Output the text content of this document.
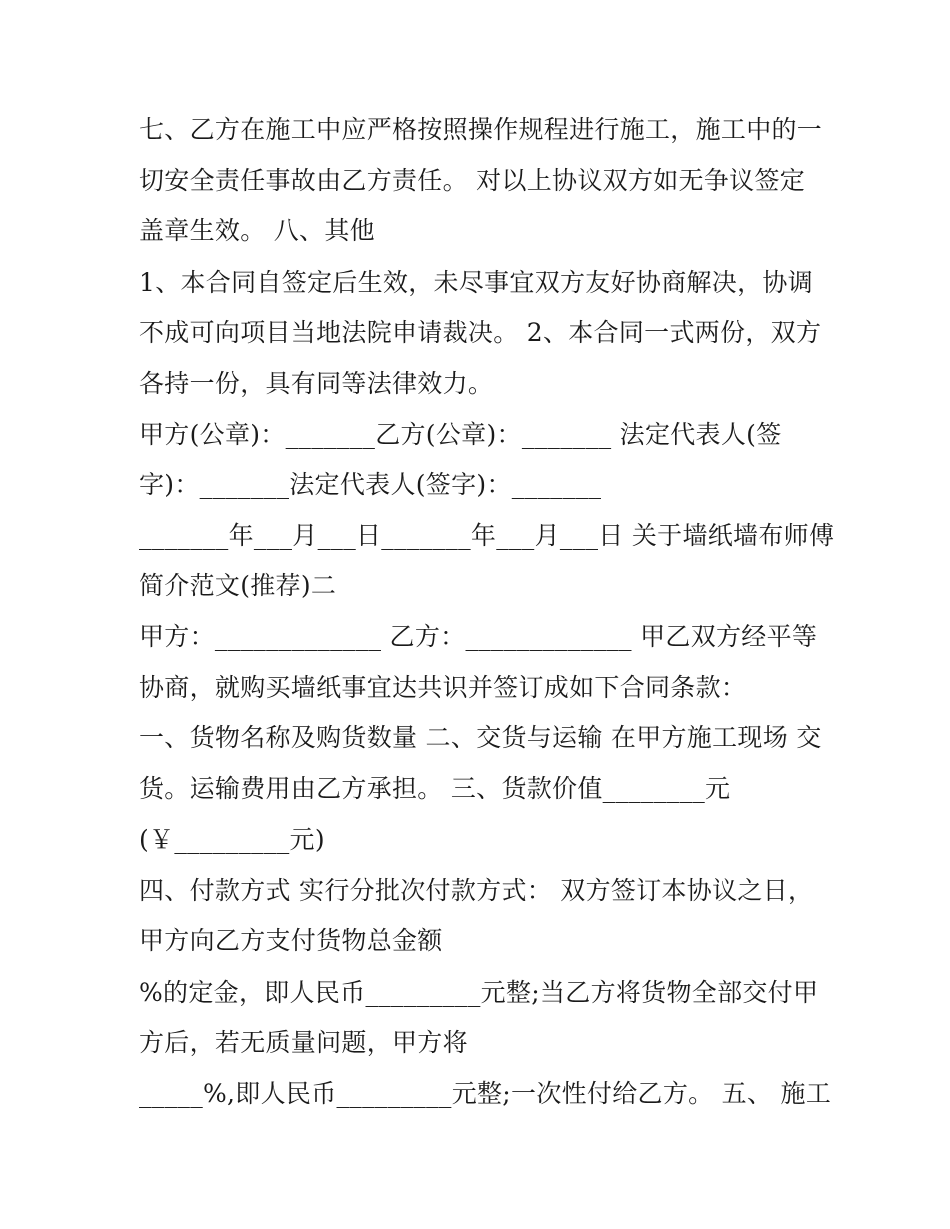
七、乙方在施工中应严格按照操作规程进行施工，施工中的一
切安全责任事故由乙方责任。 对以上协议双方如无争议签定
盖章生效。 八、其他
1、本合同自签定后生效，未尽事宜双方友好协商解决，协调
不成可向项目当地法院申请裁决。 2、本合同一式两份，双方
各持一份，具有同等法律效力。
甲方(公章)：_______乙方(公章)：_______ 法定代表人(签
字)：_______法定代表人(签字)：_______
_______年___月___日_______年___月___日 关于墙纸墙布师傅
简介范文(推荐)二
甲方：_____________ 乙方：_____________ 甲乙双方经平等
协商，就购买墙纸事宜达共识并签订成如下合同条款：
一、货物名称及购货数量 二、交货与运输 在甲方施工现场 交
货。运输费用由乙方承担。 三、货款价值________元
(￥_________元)
四、付款方式 实行分批次付款方式： 双方签订本协议之日，
甲方向乙方支付货物总金额
%的定金，即人民币_________元整;当乙方将货物全部交付甲
方后，若无质量问题，甲方将
_____%,即人民币_________元整;一次性付给乙方。 五、 施工
